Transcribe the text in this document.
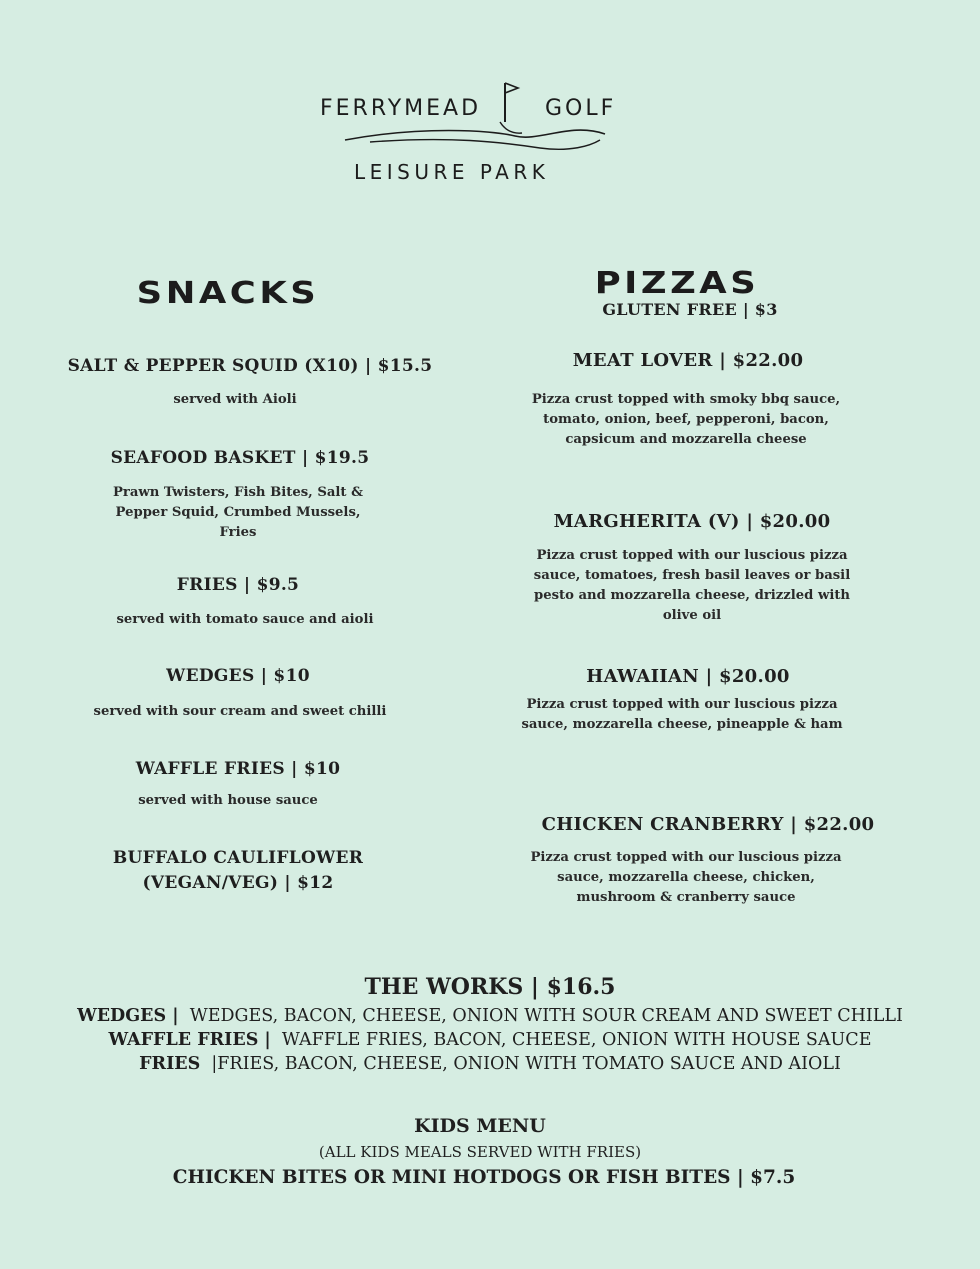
FERRYMEAD	GOLF
LEISURE PARK
SNACKS
SALT & PEPPER SQUID (X10) | $15.5
served with Aioli
SEAFOOD BASKET | $19.5
Prawn Twisters, Fish Bites, Salt & Pepper Squid, Crumbed Mussels, Fries
FRIES | $9.5
served with tomato sauce and aioli
WEDGES | $10
served with sour cream and sweet chilli
WAFFLE FRIES | $10
served with house sauce
BUFFALO CAULIFLOWER
(VEGAN/VEG) | $12
PIZZAS
GLUTEN FREE | $3
MEAT LOVER | $22.00
Pizza crust topped with smoky bbq sauce, tomato, onion, beef, pepperoni, bacon, capsicum and mozzarella cheese
MARGHERITA (V) | $20.00
Pizza crust topped with our luscious pizza sauce, tomatoes, fresh basil leaves or basil pesto and mozzarella cheese, drizzled with olive oil
HAWAIIAN | $20.00
Pizza crust topped with our luscious pizza sauce, mozzarella cheese, pineapple & ham
CHICKEN CRANBERRY | $22.00
Pizza crust topped with our luscious pizza sauce, mozzarella cheese, chicken, mushroom & cranberry sauce
THE WORKS | $16.5
WEDGES |  WEDGES, BACON, CHEESE, ONION WITH SOUR CREAM AND SWEET CHILLI
WAFFLE FRIES |  WAFFLE FRIES, BACON, CHEESE, ONION WITH HOUSE SAUCE
FRIES  |FRIES, BACON, CHEESE, ONION WITH TOMATO SAUCE AND AIOLI
KIDS MENU
(ALL KIDS MEALS SERVED WITH FRIES)
CHICKEN BITES OR MINI HOTDOGS OR FISH BITES | $7.5
